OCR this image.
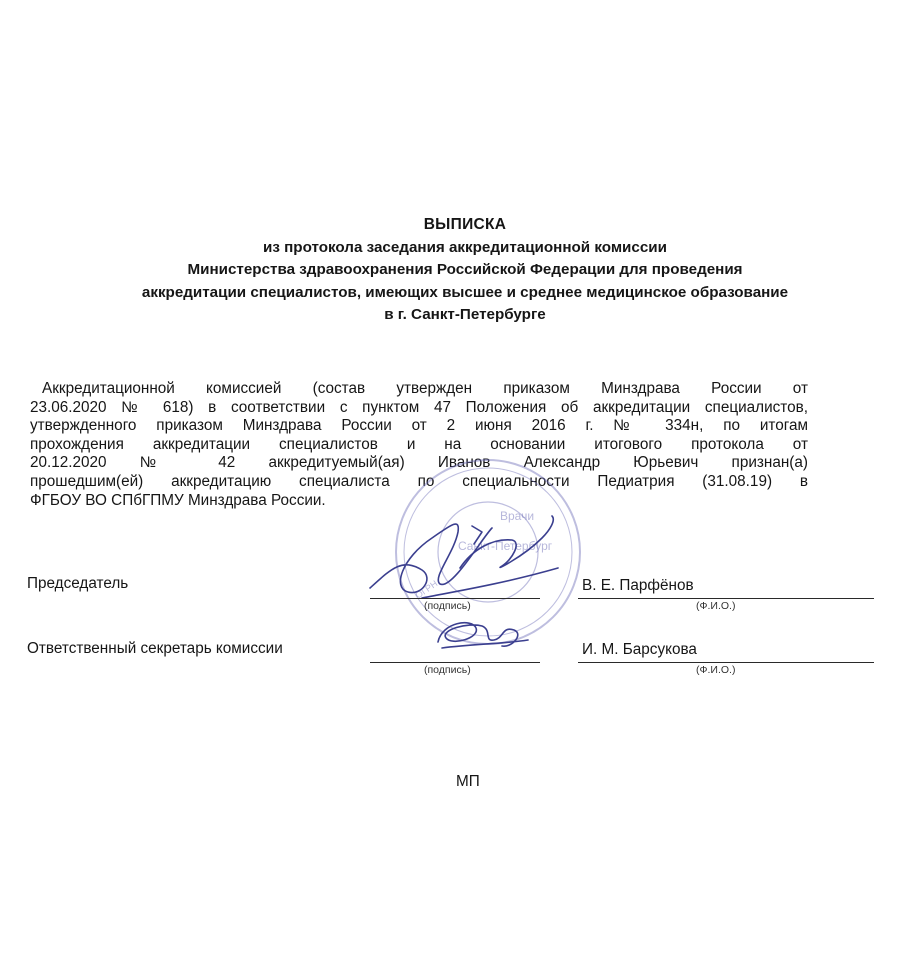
ВЫПИСКА
из протокола заседания аккредитационной комиссии
Министерства здравоохранения Российской Федерации для проведения
аккредитации специалистов, имеющих высшее и среднее медицинское образование
в г. Санкт-Петербурге
Аккредитационной комиссией (состав утвержден приказом Минздрава России от
23.06.2020 № 618) в соответствии с пунктом 47 Положения об аккредитации специалистов,
утвержденного приказом Минздрава России от 2 июня 2016 г. № 334н, по итогам
прохождения аккредитации специалистов и на основании итогового протокола от
20.12.2020 № 42 аккредитуемый(ая) Иванов Александр Юрьевич признан(а)
прошедшим(ей) аккредитацию специалиста по специальности Педиатрия (31.08.19) в
ФГБОУ ВО СПбГПМУ Минздрава России.
Врачи
Санкт-Петербург
ОГРН
Председатель
(подпись)
В. Е. Парфёнов
(Ф.И.О.)
Ответственный секретарь комиссии
(подпись)
И. М. Барсукова
(Ф.И.О.)
МП
